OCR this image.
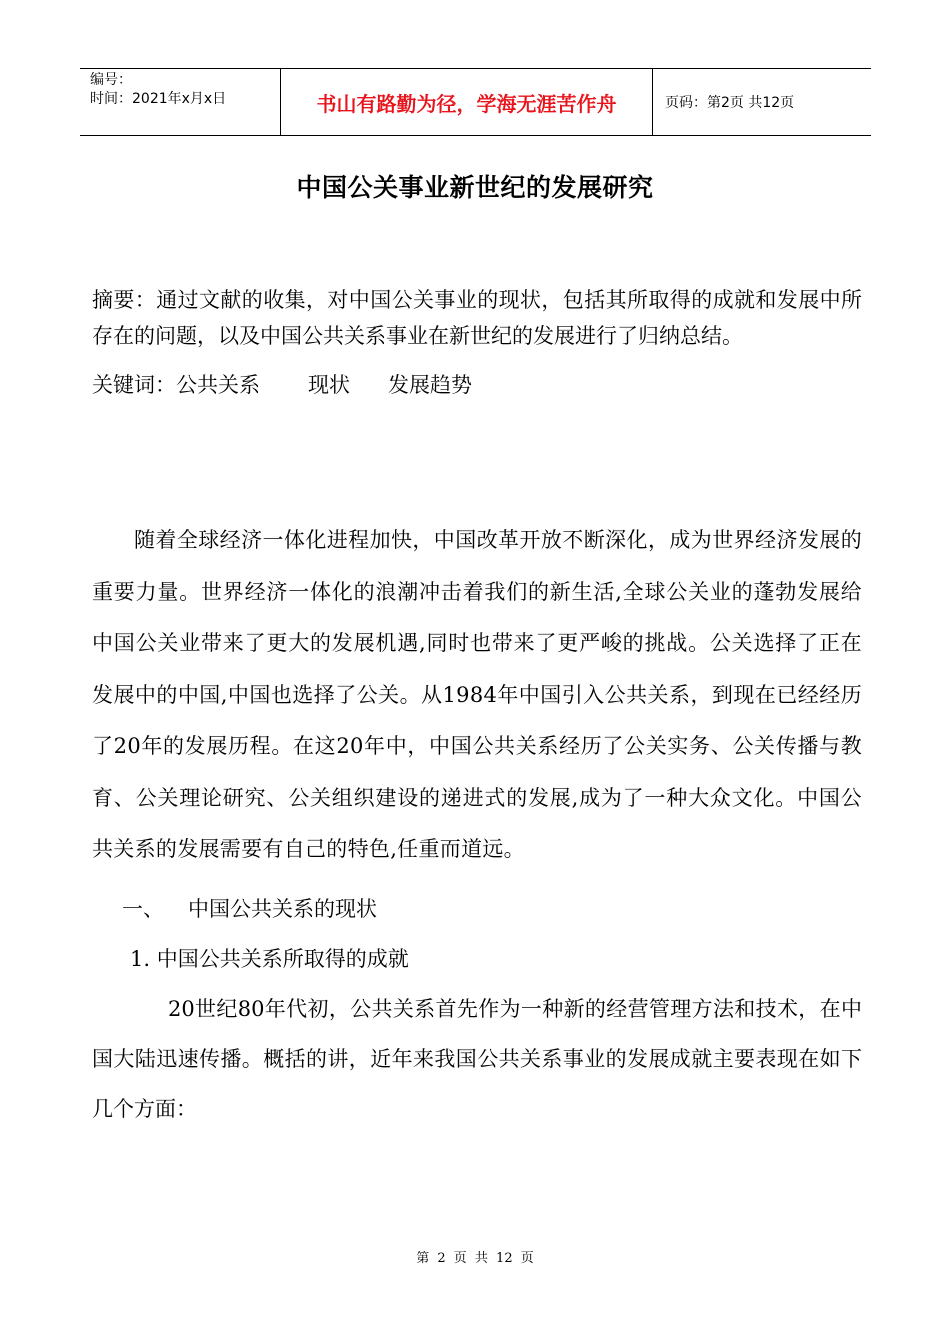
编号：
时间：2021年x月x日	书山有路勤为径，学海无涯苦作舟	页码：第2页 共12页
中国公关事业新世纪的发展研究

摘要：通过文献的收集，对中国公关事业的现状，包括其所取得的成就和发展中所存在的问题，以及中国公共关系事业在新世纪的发展进行了归纳总结。

关键词：公共关系 现状 发展趋势

随着全球经济一体化进程加快，中国改革开放不断深化，成为世界经济发展的重要力量。世界经济一体化的浪潮冲击着我们的新生活,全球公关业的蓬勃发展给中国公关业带来了更大的发展机遇,同时也带来了更严峻的挑战。公关选择了正在发展中的中国,中国也选择了公关。从1984年中国引入公共关系，到现在已经经历了20年的发展历程。在这20年中，中国公共关系经历了公关实务、公关传播与教育、公关理论研究、公关组织建设的递进式的发展,成为了一种大众文化。中国公共关系的发展需要有自己的特色,任重而道远。

一、 中国公共关系的现状

1. 中国公共关系所取得的成就

20世纪80年代初，公共关系首先作为一种新的经营管理方法和技术，在中国大陆迅速传播。概括的讲，近年来我国公共关系事业的发展成就主要表现在如下几个方面：

第 2 页 共 12 页
